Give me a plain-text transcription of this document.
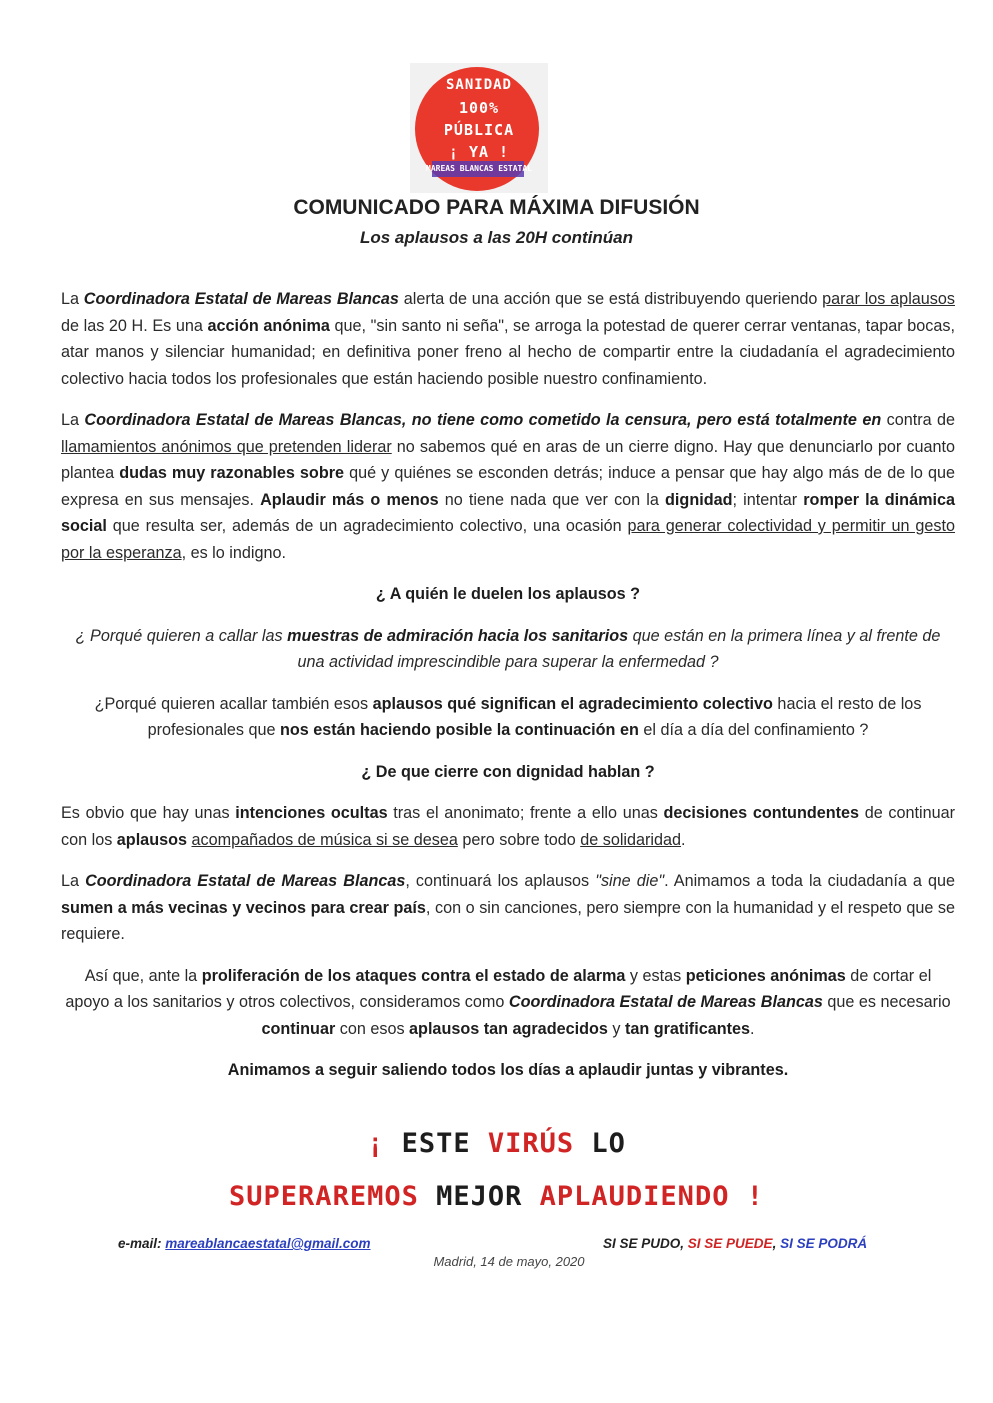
SANIDAD
100%
PÚBLICA
¡ YA !
MAREAS BLANCAS ESTATAL

COMUNICADO PARA MÁXIMA DIFUSIÓN

Los aplausos a las 20H continúan

La Coordinadora Estatal de Mareas Blancas alerta de una acción que se está distribuyendo queriendo parar los aplausos de las 20 H. Es una acción anónima que, "sin santo ni seña", se arroga la potestad de querer cerrar ventanas, tapar bocas, atar manos y silenciar humanidad; en definitiva poner freno al hecho de compartir entre la ciudadanía el agradecimiento colectivo hacia todos los profesionales que están haciendo posible nuestro confinamiento.

La Coordinadora Estatal de Mareas Blancas, no tiene como cometido la censura, pero está totalmente en contra de llamamientos anónimos que pretenden liderar no sabemos qué en aras de un cierre digno. Hay que denunciarlo por cuanto plantea dudas muy razonables sobre qué y quiénes se esconden detrás; induce a pensar que hay algo más de de lo que expresa en sus mensajes. Aplaudir más o menos no tiene nada que ver con la dignidad; intentar romper la dinámica social que resulta ser, además de un agradecimiento colectivo, una ocasión para generar colectividad y permitir un gesto por la esperanza, es lo indigno.

¿ A quién le duelen los aplausos ?

¿ Porqué quieren a callar las muestras de admiración hacia los sanitarios que están en la primera línea y al frente de una actividad imprescindible para superar la enfermedad ?

¿Porqué quieren acallar también esos aplausos qué significan el agradecimiento colectivo hacia el resto de los profesionales que nos están haciendo posible la continuación en el día a día del confinamiento ?

¿ De que cierre con dignidad hablan ?

Es obvio que hay unas intenciones ocultas tras el anonimato; frente a ello unas decisiones contundentes de continuar con los aplausos acompañados de música si se desea pero sobre todo de solidaridad.

La Coordinadora Estatal de Mareas Blancas, continuará los aplausos "sine die". Animamos a toda la ciudadanía a que sumen a más vecinas y vecinos para crear país, con o sin canciones, pero siempre con la humanidad y el respeto que se requiere.

Así que, ante la proliferación de los ataques contra el estado de alarma y estas peticiones anónimas de cortar el apoyo a los sanitarios y otros colectivos, consideramos como Coordinadora Estatal de Mareas Blancas que es necesario continuar con esos aplausos tan agradecidos y tan gratificantes.

Animamos a seguir saliendo todos los días a aplaudir juntas y vibrantes.

¡ ESTE VIRÚS LO
SUPERAREMOS MEJOR APLAUDIENDO !
e-mail: mareablancaestatal@gmail.com	SI SE PUDO, SI SE PUEDE, SI SE PODRÁ
Madrid, 14 de mayo, 2020
